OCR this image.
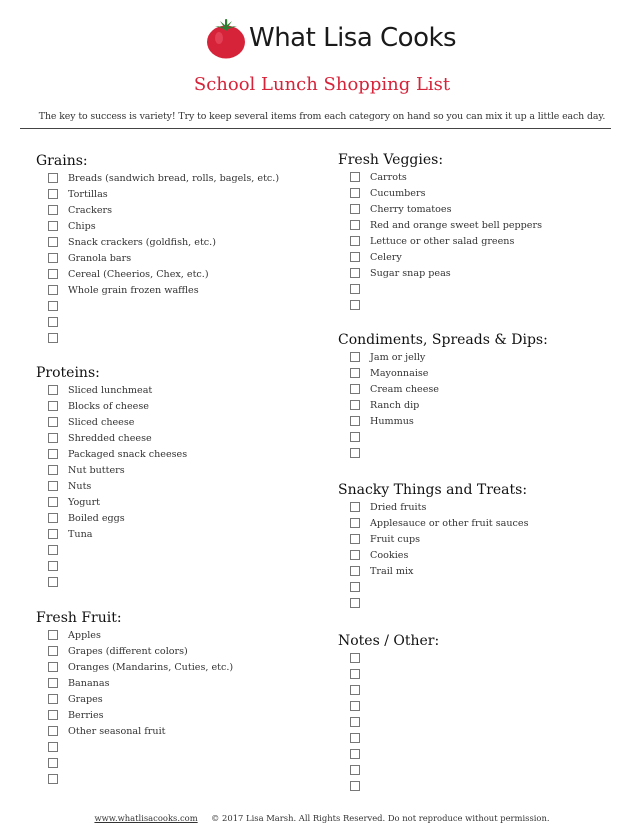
What Lisa Cooks
School Lunch Shopping List
The key to success is variety! Try to keep several items from each category on hand so you can mix it up a little each day.
Grains:
Breads (sandwich bread, rolls, bagels, etc.)
Tortillas
Crackers
Chips
Snack crackers (goldfish, etc.)
Granola bars
Cereal (Cheerios, Chex, etc.)
Whole grain frozen waffles
Proteins:
Sliced lunchmeat
Blocks of cheese
Sliced cheese
Shredded cheese
Packaged snack cheeses
Nut butters
Nuts
Yogurt
Boiled eggs
Tuna
Fresh Fruit:
Apples
Grapes (different colors)
Oranges (Mandarins, Cuties, etc.)
Bananas
Grapes
Berries
Other seasonal fruit
Fresh Veggies:
Carrots
Cucumbers
Cherry tomatoes
Red and orange sweet bell peppers
Lettuce or other salad greens
Celery
Sugar snap peas
Condiments, Spreads & Dips:
Jam or jelly
Mayonnaise
Cream cheese
Ranch dip
Hummus
Snacky Things and Treats:
Dried fruits
Applesauce or other fruit sauces
Fruit cups
Cookies
Trail mix
Notes / Other:
www.whatlisacooks.com © 2017 Lisa Marsh. All Rights Reserved. Do not reproduce without permission.
